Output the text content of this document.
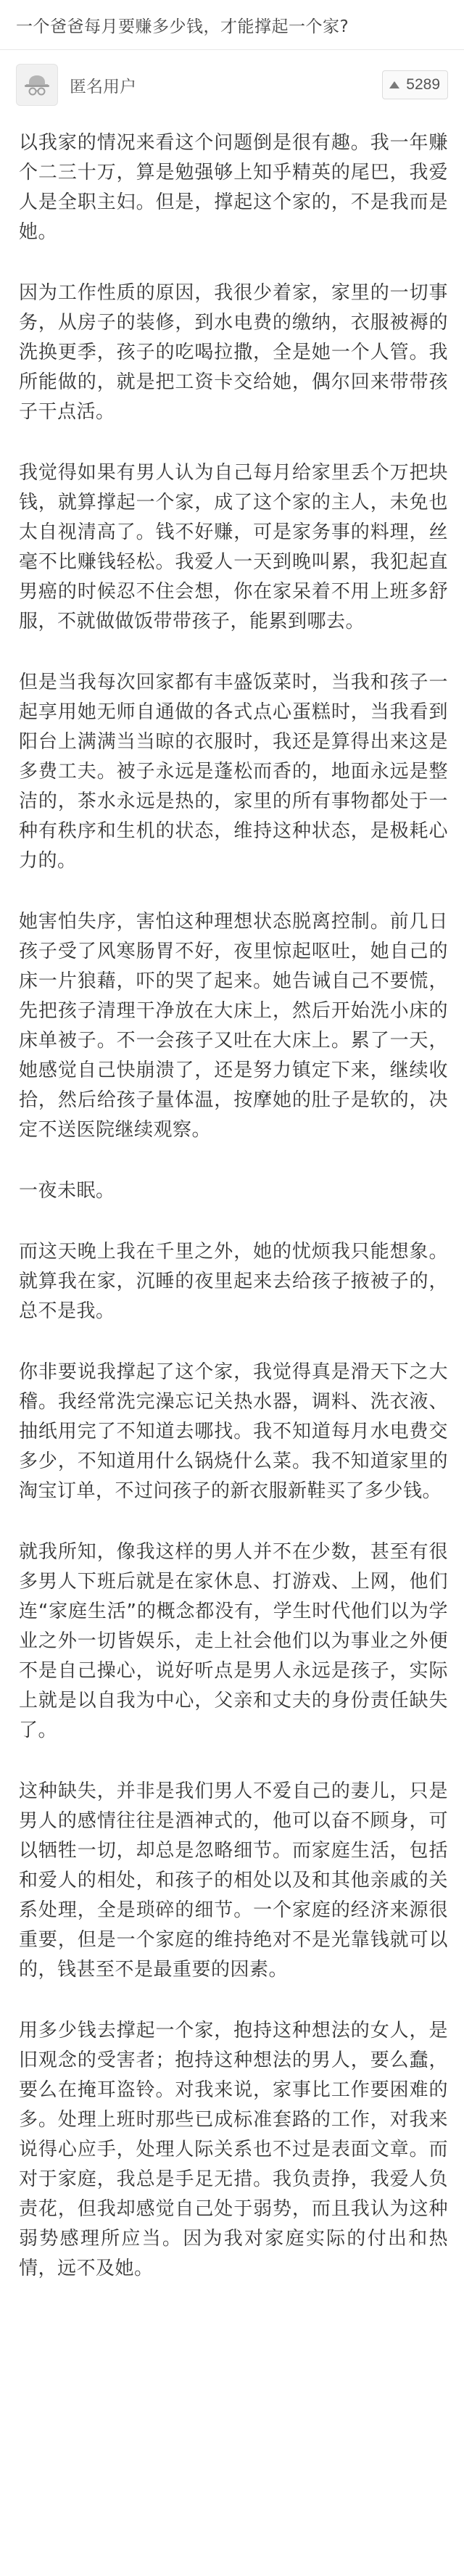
一个爸爸每月要赚多少钱，才能撑起一个家?
匿名用户	5289

以我家的情况来看这个问题倒是很有趣。我一年赚个二三十万，算是勉强够上知乎精英的尾巴，我爱人是全职主妇。但是，撑起这个家的，不是我而是她。

因为工作性质的原因，我很少着家，家里的一切事务，从房子的装修，到水电费的缴纳，衣服被褥的洗换更季，孩子的吃喝拉撒，全是她一个人管。我所能做的，就是把工资卡交给她，偶尔回来带带孩子干点活。

我觉得如果有男人认为自己每月给家里丢个万把块钱，就算撑起一个家，成了这个家的主人，未免也太自视清高了。钱不好赚，可是家务事的料理，丝毫不比赚钱轻松。我爱人一天到晚叫累，我犯起直男癌的时候忍不住会想，你在家呆着不用上班多舒服，不就做做饭带带孩子，能累到哪去。

但是当我每次回家都有丰盛饭菜时，当我和孩子一起享用她无师自通做的各式点心蛋糕时，当我看到阳台上满满当当晾的衣服时，我还是算得出来这是多费工夫。被子永远是蓬松而香的，地面永远是整洁的，茶水永远是热的，家里的所有事物都处于一种有秩序和生机的状态，维持这种状态，是极耗心力的。

她害怕失序，害怕这种理想状态脱离控制。前几日孩子受了风寒肠胃不好，夜里惊起呕吐，她自己的床一片狼藉，吓的哭了起来。她告诫自己不要慌，先把孩子清理干净放在大床上，然后开始洗小床的床单被子。不一会孩子又吐在大床上。累了一天，她感觉自己快崩溃了，还是努力镇定下来，继续收拾，然后给孩子量体温，按摩她的肚子是软的，决定不送医院继续观察。

一夜未眠。

而这天晚上我在千里之外，她的忧烦我只能想象。就算我在家，沉睡的夜里起来去给孩子掖被子的，总不是我。

你非要说我撑起了这个家，我觉得真是滑天下之大稽。我经常洗完澡忘记关热水器，调料、洗衣液、抽纸用完了不知道去哪找。我不知道每月水电费交多少，不知道用什么锅烧什么菜。我不知道家里的淘宝订单，不过问孩子的新衣服新鞋买了多少钱。

就我所知，像我这样的男人并不在少数，甚至有很多男人下班后就是在家休息、打游戏、上网，他们连“家庭生活”的概念都没有，学生时代他们以为学业之外一切皆娱乐，走上社会他们以为事业之外便不是自己操心，说好听点是男人永远是孩子，实际上就是以自我为中心，父亲和丈夫的身份责任缺失了。

这种缺失，并非是我们男人不爱自己的妻儿，只是男人的感情往往是酒神式的，他可以奋不顾身，可以牺牲一切，却总是忽略细节。而家庭生活，包括和爱人的相处，和孩子的相处以及和其他亲戚的关系处理，全是琐碎的细节。一个家庭的经济来源很重要，但是一个家庭的维持绝对不是光靠钱就可以的，钱甚至不是最重要的因素。

用多少钱去撑起一个家，抱持这种想法的女人，是旧观念的受害者；抱持这种想法的男人，要么蠢，要么在掩耳盗铃。对我来说，家事比工作要困难的多。处理上班时那些已成标准套路的工作，对我来说得心应手，处理人际关系也不过是表面文章。而对于家庭，我总是手足无措。我负责挣，我爱人负责花，但我却感觉自己处于弱势，而且我认为这种弱势感理所应当。因为我对家庭实际的付出和热情，远不及她。
